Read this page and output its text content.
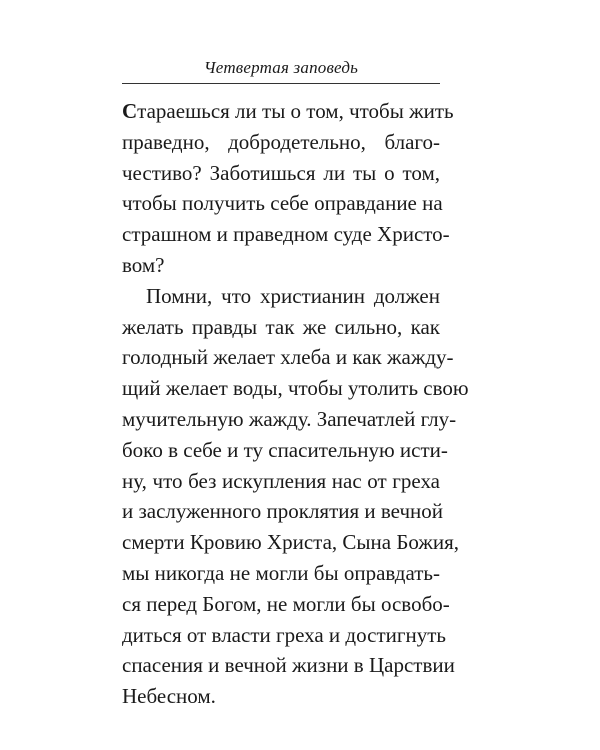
Четвертая заповедь
Стараешься ли ты о том, чтобы жить
праведно, добродетельно, благо-
честиво? Заботишься ли ты о том,
чтобы получить себе оправдание на
страшном и праведном суде Христо-
вом?
Помни, что христианин должен
желать правды так же сильно, как
голодный желает хлеба и как жажду-
щий желает воды, чтобы утолить свою
мучительную жажду. Запечатлей глу-
боко в себе и ту спасительную исти-
ну, что без искупления нас от греха
и заслуженного проклятия и вечной
смерти Кровию Христа, Сына Божия,
мы никогда не могли бы оправдать-
ся перед Богом, не могли бы освобо-
диться от власти греха и достигнуть
спасения и вечной жизни в Царствии
Небесном.
